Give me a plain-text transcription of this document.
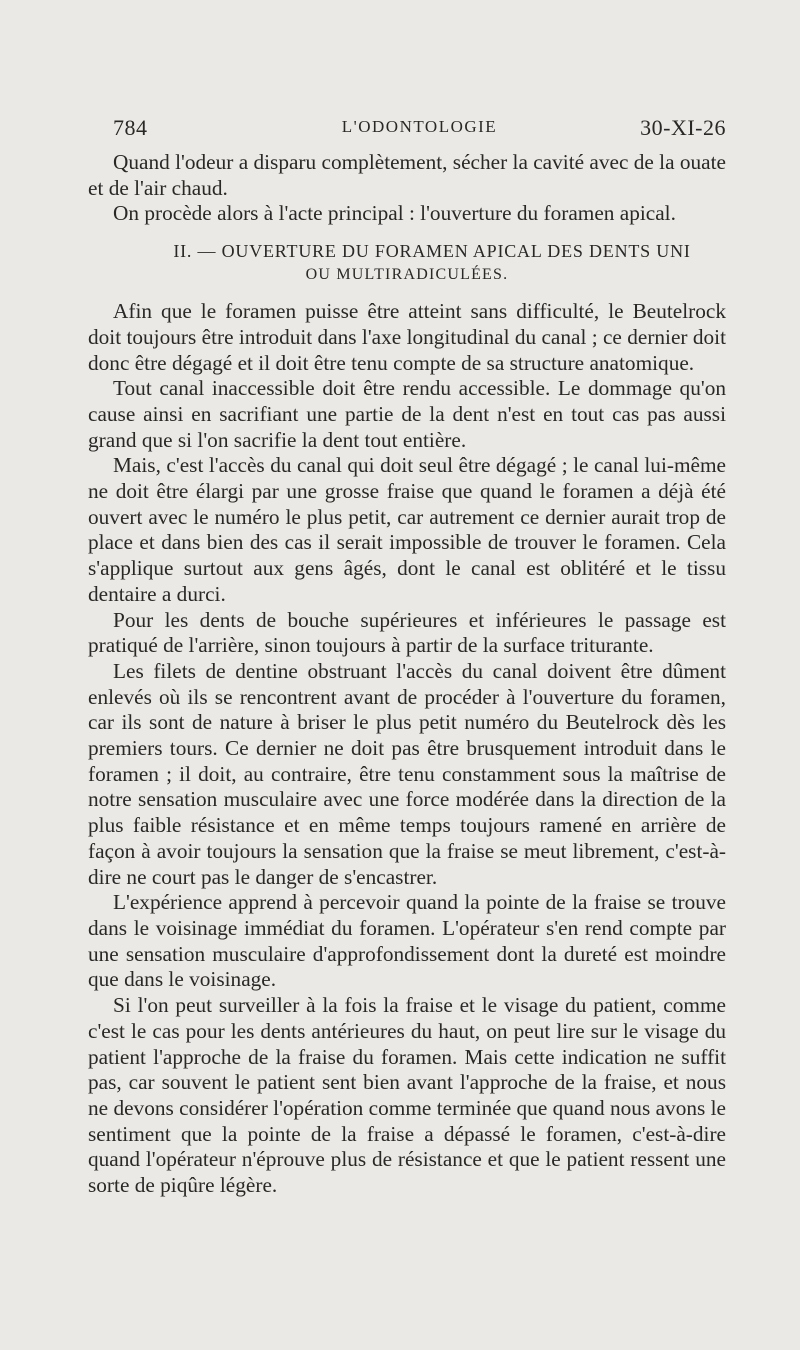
784	L'ODONTOLOGIE	30-XI-26

Quand l'odeur a disparu complètement, sécher la cavité avec de la ouate et de l'air chaud.

On procède alors à l'acte principal : l'ouverture du foramen apical.

II. — OUVERTURE DU FORAMEN APICAL DES DENTS UNI
OU MULTIRADICULÉES.

Afin que le foramen puisse être atteint sans difficulté, le Beutelrock doit toujours être introduit dans l'axe longitudinal du canal ; ce dernier doit donc être dégagé et il doit être tenu compte de sa structure anatomique.

Tout canal inaccessible doit être rendu accessible. Le dommage qu'on cause ainsi en sacrifiant une partie de la dent n'est en tout cas pas aussi grand que si l'on sacrifie la dent tout entière.

Mais, c'est l'accès du canal qui doit seul être dégagé ; le canal lui-même ne doit être élargi par une grosse fraise que quand le foramen a déjà été ouvert avec le numéro le plus petit, car autrement ce dernier aurait trop de place et dans bien des cas il serait impossible de trouver le foramen. Cela s'applique surtout aux gens âgés, dont le canal est oblitéré et le tissu dentaire a durci.

Pour les dents de bouche supérieures et inférieures le passage est pratiqué de l'arrière, sinon toujours à partir de la surface triturante.

Les filets de dentine obstruant l'accès du canal doivent être dûment enlevés où ils se rencontrent avant de procéder à l'ouverture du foramen, car ils sont de nature à briser le plus petit numéro du Beutelrock dès les premiers tours. Ce dernier ne doit pas être brusquement introduit dans le foramen ; il doit, au contraire, être tenu constamment sous la maîtrise de notre sensation musculaire avec une force modérée dans la direction de la plus faible résistance et en même temps toujours ramené en arrière de façon à avoir toujours la sensation que la fraise se meut librement, c'est-à-dire ne court pas le danger de s'encastrer.

L'expérience apprend à percevoir quand la pointe de la fraise se trouve dans le voisinage immédiat du foramen. L'opérateur s'en rend compte par une sensation musculaire d'approfondissement dont la dureté est moindre que dans le voisinage.

Si l'on peut surveiller à la fois la fraise et le visage du patient, comme c'est le cas pour les dents antérieures du haut, on peut lire sur le visage du patient l'approche de la fraise du foramen. Mais cette indication ne suffit pas, car souvent le patient sent bien avant l'approche de la fraise, et nous ne devons considérer l'opération comme terminée que quand nous avons le sentiment que la pointe de la fraise a dépassé le foramen, c'est-à-dire quand l'opérateur n'éprouve plus de résistance et que le patient ressent une sorte de piqûre légère.
